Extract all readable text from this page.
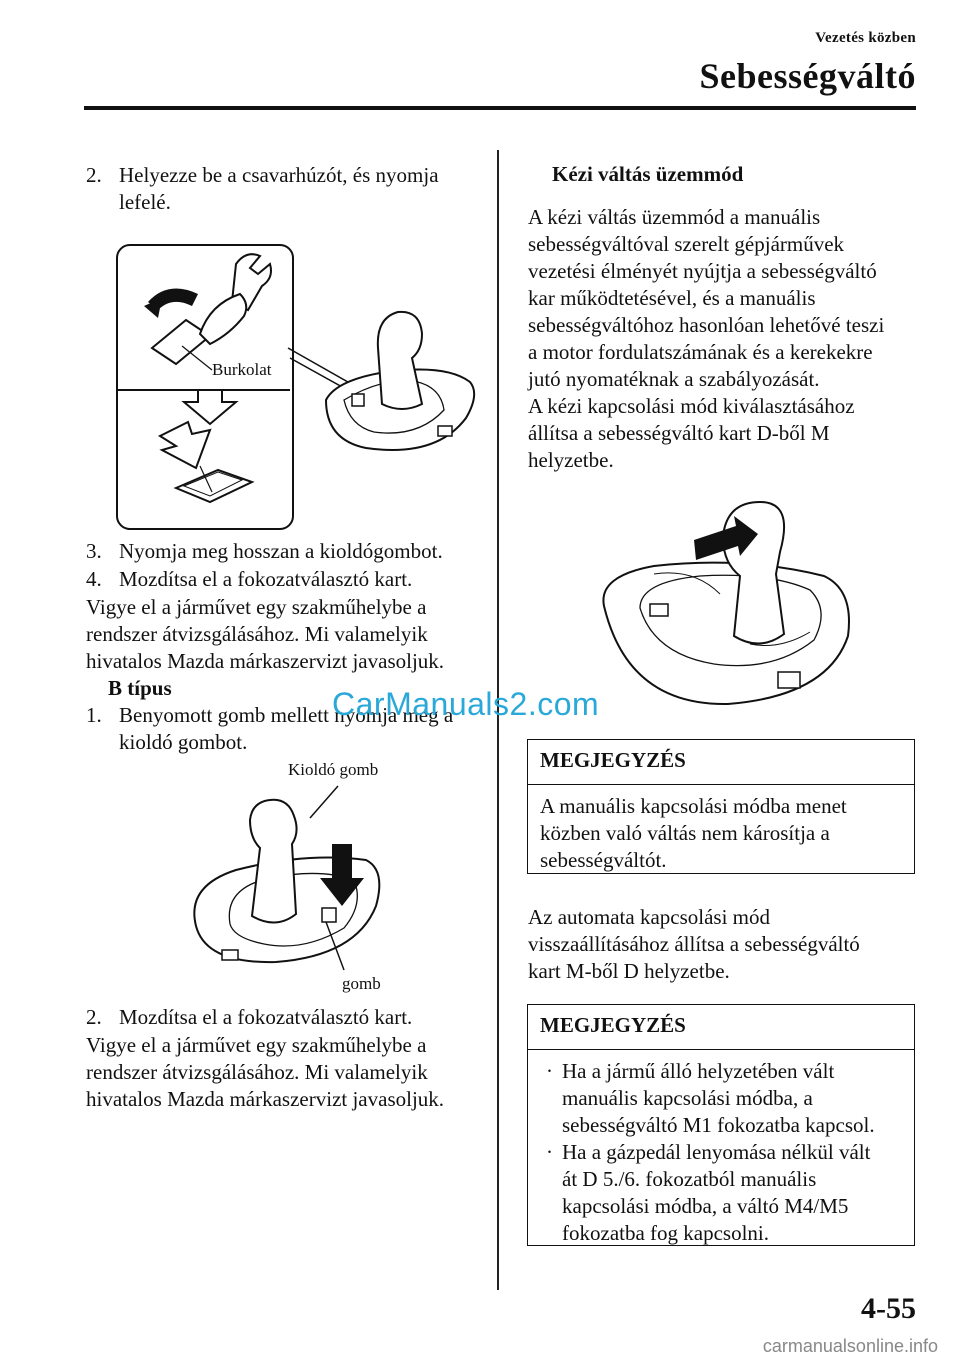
Vezetés közben
Sebességváltó
2. Helyezze be a csavarhúzót, és nyomja
lefelé.
Burkolat
3. Nyomja meg hosszan a kioldógombot.
4. Mozdítsa el a fokozatválasztó kart.
Vigye el a járművet egy szakműhelybe a
rendszer átvizsgálásához. Mi valamelyik
hivatalos Mazda márkaszervizt javasoljuk.
B típus
1. Benyomott gomb mellett nyomja meg a
kioldó gombot.
Kioldó gomb
gomb
2. Mozdítsa el a fokozatválasztó kart.
Vigye el a járművet egy szakműhelybe a
rendszer átvizsgálásához. Mi valamelyik
hivatalos Mazda márkaszervizt javasoljuk.
Kézi váltás üzemmód
A kézi váltás üzemmód a manuális
sebességváltóval szerelt gépjárművek
vezetési élményét nyújtja a sebességváltó
kar működtetésével, és a manuális
sebességváltóhoz hasonlóan lehetővé teszi
a motor fordulatszámának és a kerekekre
jutó nyomatéknak a szabályozását.
A kézi kapcsolási mód kiválasztásához
állítsa a sebességváltó kart D-ből M
helyzetbe.
MEGJEGYZÉS
A manuális kapcsolási módba menet
közben való váltás nem károsítja a
sebességváltót.
Az automata kapcsolási mód
visszaállításához állítsa a sebességváltó
kart M-ből D helyzetbe.
MEGJEGYZÉS
· Ha a jármű álló helyzetében vált
manuális kapcsolási módba, a
sebességváltó M1 fokozatba kapcsol.
· Ha a gázpedál lenyomása nélkül vált
át D 5./6. fokozatból manuális
kapcsolási módba, a váltó M4/M5
fokozatba fog kapcsolni.
CarManuals2.com
4-55
carmanualsonline.info
